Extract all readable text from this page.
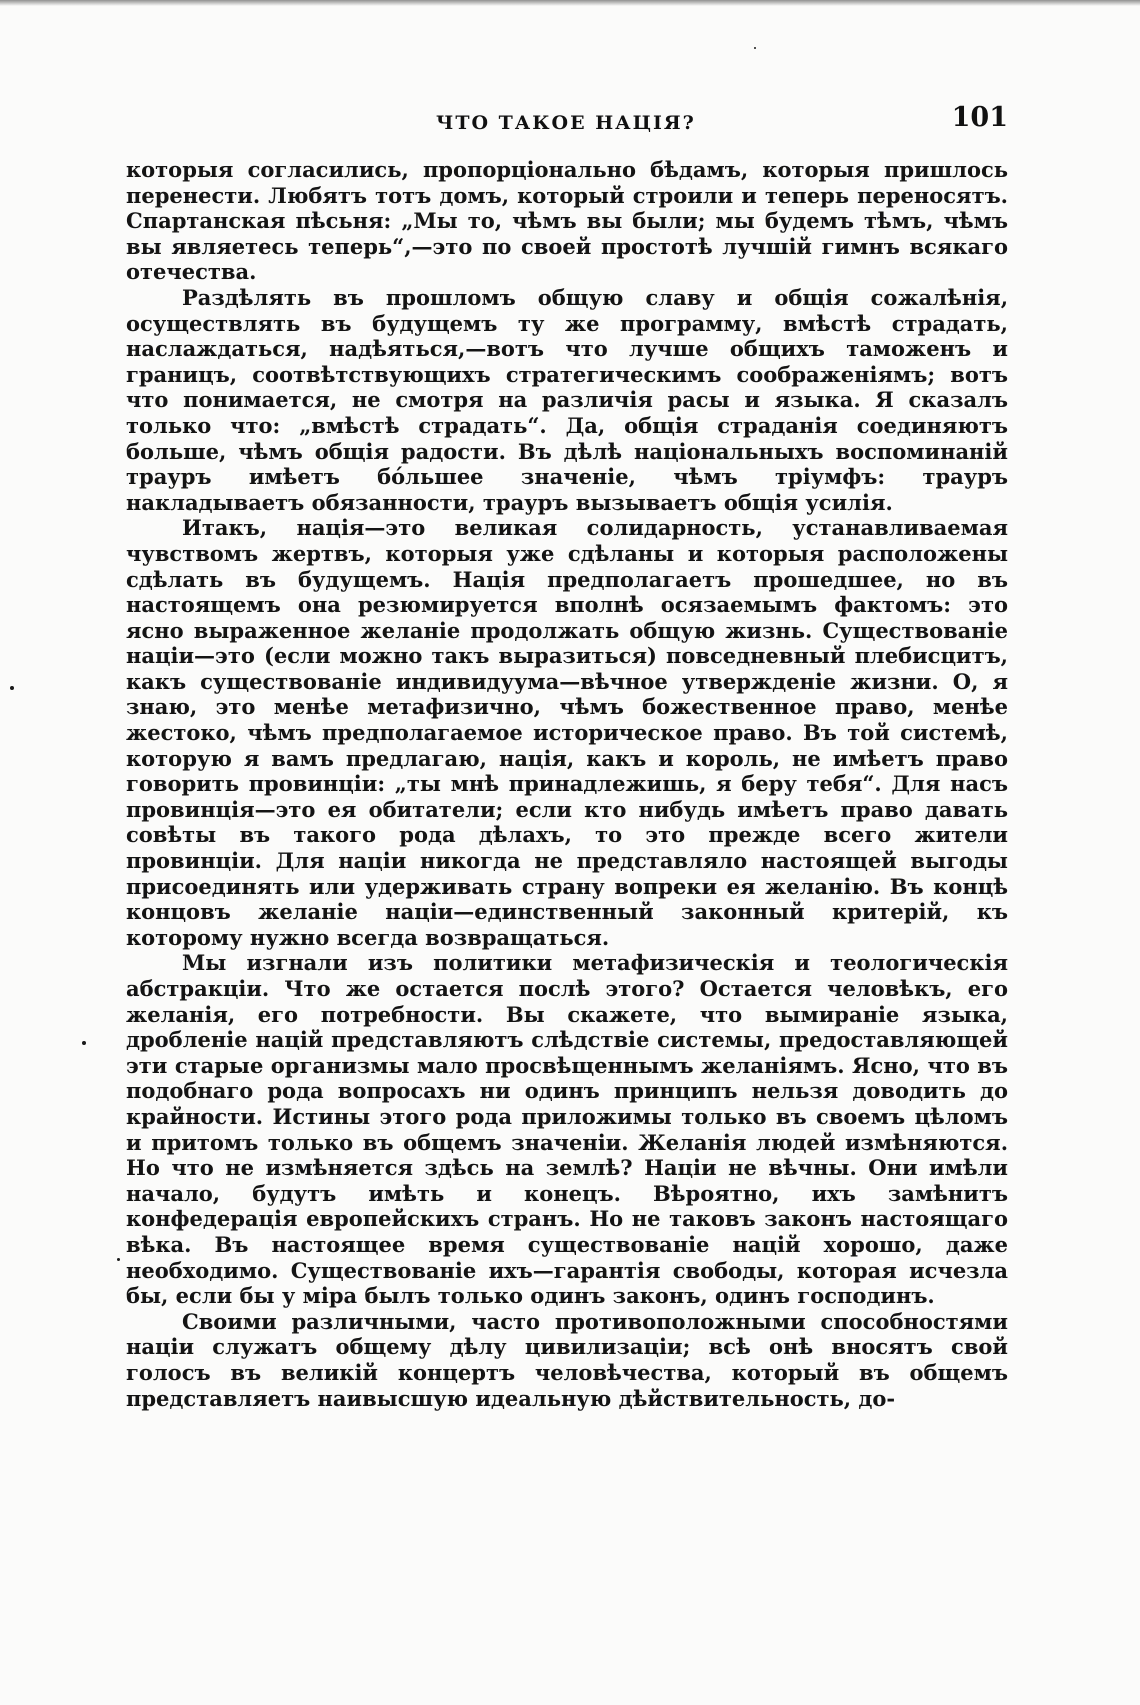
ЧТО ТАКОЕ НАЦІЯ?	101

которыя согласились, пропорціонально бѣдамъ, которыя пришлось перенести. Любятъ тотъ домъ, который строили и теперь переносятъ. Спартанская пѣсьня: „Мы то, чѣмъ вы были; мы будемъ тѣмъ, чѣмъ вы являетесь теперь“,—это по своей простотѣ лучшій гимнъ всякаго отечества.

Раздѣлять въ прошломъ общую славу и общія сожалѣнія, осуществлять въ будущемъ ту же программу, вмѣстѣ страдать, наслаждаться, надѣяться,—вотъ что лучше общихъ таможенъ и границъ, соотвѣтствующихъ стратегическимъ соображеніямъ; вотъ что понимается, не смотря на различія расы и языка. Я сказалъ только что: „вмѣстѣ страдать“. Да, общія страданія соединяютъ больше, чѣмъ общія радости. Въ дѣлѣ національныхъ воспоминаній трауръ имѣетъ бо́льшее значеніе, чѣмъ тріумфъ: трауръ накладываетъ обязанности, трауръ вызываетъ общія усилія.

Итакъ, нація—это великая солидарность, устанавливаемая чувствомъ жертвъ, которыя уже сдѣланы и которыя расположены сдѣлать въ будущемъ. Нація предполагаетъ прошедшее, но въ настоящемъ она резюмируется вполнѣ осязаемымъ фактомъ: это ясно выраженное желаніе продолжать общую жизнь. Существованіе націи—это (если можно такъ выразиться) повседневный плебисцитъ, какъ существованіе индивидуума—вѣчное утвержденіе жизни. О, я знаю, это менѣе метафизично, чѣмъ божественное право, менѣе жестоко, чѣмъ предполагаемое историческое право. Въ той системѣ, которую я вамъ предлагаю, нація, какъ и король, не имѣетъ право говорить провинціи: „ты мнѣ принадлежишь, я беру тебя“. Для насъ провинція—это ея обитатели; если кто нибудь имѣетъ право давать совѣты въ такого рода дѣлахъ, то это прежде всего жители провинціи. Для націи никогда не представляло настоящей выгоды присоединять или удерживать страну вопреки ея желанію. Въ концѣ концовъ желаніе націи—единственный законный критерій, къ которому нужно всегда возвращаться.

Мы изгнали изъ политики метафизическія и теологическія абстракціи. Что же остается послѣ этого? Остается человѣкъ, его желанія, его потребности. Вы скажете, что вымираніе языка, дробленіе націй представляютъ слѣдствіе системы, предоставляющей эти старые организмы мало просвѣщеннымъ желаніямъ. Ясно, что въ подобнаго рода вопросахъ ни одинъ принципъ нельзя доводить до крайности. Истины этого рода приложимы только въ своемъ цѣломъ и притомъ только въ общемъ значеніи. Желанія людей измѣняются. Но что не измѣняется здѣсь на землѣ? Націи не вѣчны. Они имѣли начало, будутъ имѣть и конецъ. Вѣроятно, ихъ замѣнитъ конфедерація европейскихъ странъ. Но не таковъ законъ настоящаго вѣка. Въ настоящее время существованіе націй хорошо, даже необходимо. Существованіе ихъ—гарантія свободы, которая исчезла бы, если бы у міра былъ только одинъ законъ, одинъ господинъ.

Своими различными, часто противоположными способностями націи служатъ общему дѣлу цивилизаціи; всѣ онѣ вносятъ свой голосъ въ великій концертъ человѣчества, который въ общемъ представляетъ наивысшую идеальную дѣйствительность, до-
